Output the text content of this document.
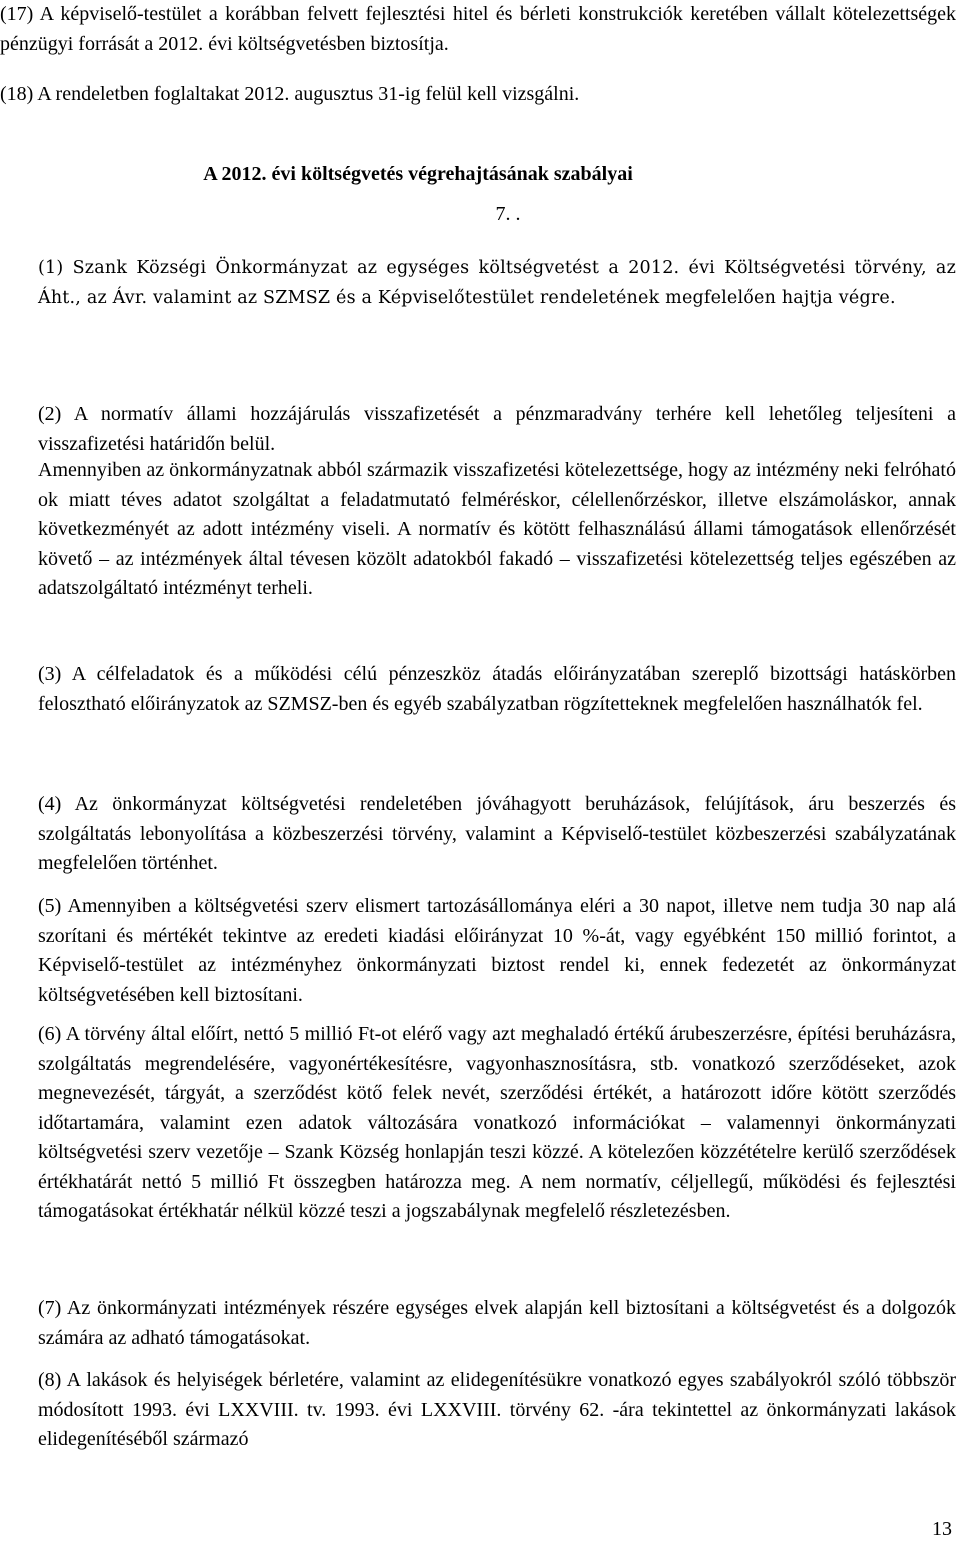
(17) A képviselő-testület a korábban felvett fejlesztési hitel és bérleti konstrukciók keretében vállalt kötelezettségek pénzügyi forrását a 2012. évi költségvetésben biztosítja.

(18) A rendeletben foglaltakat 2012. augusztus 31-ig felül kell vizsgálni.

A 2012. évi költségvetés végrehajtásának szabályai

7. .

(1) Szank Községi Önkormányzat az egységes költségvetést a 2012. évi Költségvetési törvény, az Áht., az Ávr. valamint az SZMSZ és a Képviselőtestület rendeletének megfelelően hajtja végre.

(2) A normatív állami hozzájárulás visszafizetését a pénzmaradvány terhére kell lehetőleg teljesíteni a visszafizetési határidőn belül.

Amennyiben az önkormányzatnak abból származik visszafizetési kötelezettsége, hogy az intézmény neki felróható ok miatt téves adatot szolgáltat a feladatmutató felméréskor, célellenőrzéskor, illetve elszámoláskor, annak következményét az adott intézmény viseli. A normatív és kötött felhasználású állami támogatások ellenőrzését követő – az intézmények által tévesen közölt adatokból fakadó – visszafizetési kötelezettség teljes egészében az adatszolgáltató intézményt terheli.

(3) A célfeladatok és a működési célú pénzeszköz átadás előirányzatában szereplő bizottsági hatáskörben felosztható előirányzatok az SZMSZ-ben és egyéb szabályzatban rögzítetteknek megfelelően használhatók fel.

(4) Az önkormányzat költségvetési rendeletében jóváhagyott beruházások, felújítások, áru beszerzés és szolgáltatás lebonyolítása a közbeszerzési törvény, valamint a Képviselő-testület közbeszerzési szabályzatának megfelelően történhet.

(5) Amennyiben a költségvetési szerv elismert tartozásállománya eléri a 30 napot, illetve nem tudja 30 nap alá szorítani és mértékét tekintve az eredeti kiadási előirányzat 10 %-át, vagy egyébként 150 millió forintot, a Képviselő-testület az intézményhez önkormányzati biztost rendel ki, ennek fedezetét az önkormányzat költségvetésében kell biztosítani.

(6) A törvény által előírt, nettó 5 millió Ft-ot elérő vagy azt meghaladó értékű árubeszerzésre, építési beruházásra, szolgáltatás megrendelésére, vagyonértékesítésre, vagyonhasznosításra, stb. vonatkozó szerződéseket, azok megnevezését, tárgyát, a szerződést kötő felek nevét, szerződési értékét, a határozott időre kötött szerződés időtartamára, valamint ezen adatok változására vonatkozó információkat – valamennyi önkormányzati költségvetési szerv vezetője – Szank Község honlapján teszi közzé. A kötelezően közzétételre kerülő szerződések értékhatárát nettó 5 millió Ft összegben határozza meg. A nem normatív, céljellegű, működési és fejlesztési támogatásokat értékhatár nélkül közzé teszi a jogszabálynak megfelelő részletezésben.

(7) Az önkormányzati intézmények részére egységes elvek alapján kell biztosítani a költségvetést és a dolgozók számára az adható támogatásokat.

(8) A lakások és helyiségek bérletére, valamint az elidegenítésükre vonatkozó egyes szabályokról szóló többször módosított 1993. évi LXXVIII. tv. 1993. évi LXXVIII. törvény 62. -ára tekintettel az önkormányzati lakások elidegenítéséből származó

13
